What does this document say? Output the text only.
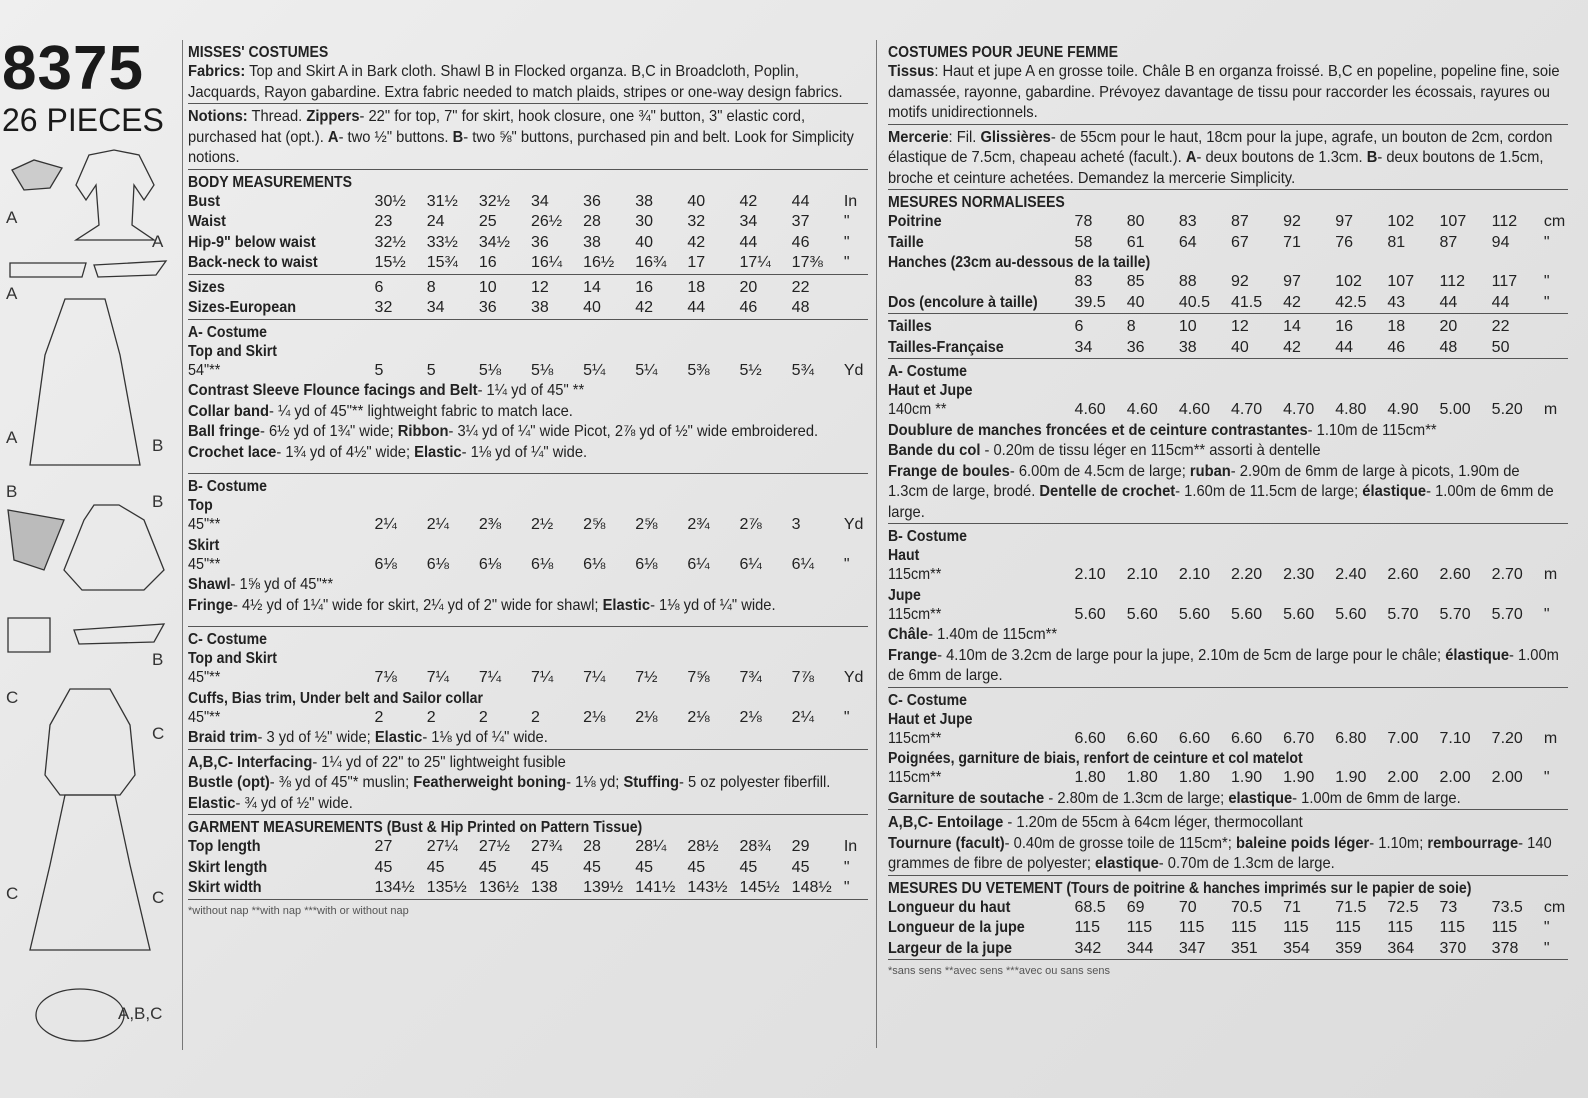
8375
26 PIECES
A
A
A
A	B
B
B
B
C
C
C
C
A,B,C
MISSES' COSTUMES
Fabrics: Top and Skirt A in Bark cloth. Shawl B in Flocked organza. B,C in Broadcloth, Poplin, Jacquards, Rayon gabardine. Extra fabric needed to match plaids, stripes or one-way design fabrics.
Notions: Thread. Zippers- 22" for top, 7" for skirt, hook closure, one ¾" button, 3" elastic cord, purchased hat (opt.). A- two ½" buttons. B- two ⅝" buttons, purchased pin and belt. Look for Simplicity notions.
BODY MEASUREMENTS
Bust	30½	31½	32½	34	36	38	40	42	44	In
Waist	23	24	25	26½	28	30	32	34	37	"
Hip-9" below waist	32½	33½	34½	36	38	40	42	44	46	"
Back-neck to waist	15½	15¾	16	16¼	16½	16¾	17	17¼	17⅜	"
Sizes	6	8	10	12	14	16	18	20	22	
Sizes-European	32	34	36	38	40	42	44	46	48	
A- Costume
Top and Skirt
54"**	5	5	5⅛	5⅛	5¼	5¼	5⅜	5½	5¾	Yd
Contrast Sleeve Flounce facings and Belt- 1¼ yd of 45" **
Collar band- ¼ yd of 45"** lightweight fabric to match lace.
Ball fringe- 6½ yd of 1¾" wide; Ribbon- 3¼ yd of ¼" wide Picot, 2⅞ yd of ½" wide embroidered.
Crochet lace- 1¾ yd of 4½" wide; Elastic- 1⅛ yd of ¼" wide.
B- Costume
Top
45"**	2¼	2¼	2⅜	2½	2⅝	2⅝	2¾	2⅞	3	Yd
Skirt
45"**	6⅛	6⅛	6⅛	6⅛	6⅛	6⅛	6¼	6¼	6¼	"
Shawl- 1⅝ yd of 45"**
Fringe- 4½ yd of 1¼" wide for skirt, 2¼ yd of 2" wide for shawl; Elastic- 1⅛ yd of ¼" wide.
C- Costume
Top and Skirt
45"**	7⅛	7¼	7¼	7¼	7¼	7½	7⅝	7¾	7⅞	Yd
Cuffs, Bias trim, Under belt and Sailor collar
45"**	2	2	2	2	2⅛	2⅛	2⅛	2⅛	2¼	"
Braid trim- 3 yd of ½" wide; Elastic- 1⅛ yd of ¼" wide.
A,B,C- Interfacing- 1¼ yd of 22" to 25" lightweight fusible
Bustle (opt)- ⅜ yd of 45"* muslin; Featherweight boning- 1⅛ yd; Stuffing- 5 oz polyester fiberfill. Elastic- ¾ yd of ½" wide.
GARMENT MEASUREMENTS (Bust & Hip Printed on Pattern Tissue)
Top length	27	27¼	27½	27¾	28	28¼	28½	28¾	29	In
Skirt length	45	45	45	45	45	45	45	45	45	"
Skirt width	134½	135½	136½	138	139½	141½	143½	145½	148½	"
*without nap **with nap ***with or without nap
COSTUMES POUR JEUNE FEMME
Tissus: Haut et jupe A en grosse toile. Châle B en organza froissé. B,C en popeline, popeline fine, soie damassée, rayonne, gabardine. Prévoyez davantage de tissu pour raccorder les écossais, rayures ou motifs unidirectionnels.
Mercerie: Fil. Glissières- de 55cm pour le haut, 18cm pour la jupe, agrafe, un bouton de 2cm, cordon élastique de 7.5cm, chapeau acheté (facult.). A- deux boutons de 1.3cm. B- deux boutons de 1.5cm, broche et ceinture achetées. Demandez la mercerie Simplicity.
MESURES NORMALISEES
Poitrine	78	80	83	87	92	97	102	107	112	cm
Taille	58	61	64	67	71	76	81	87	94	"
Hanches (23cm au-dessous de la taille)
	83	85	88	92	97	102	107	112	117	"
Dos (encolure à taille)	39.5	40	40.5	41.5	42	42.5	43	44	44	"
Tailles	6	8	10	12	14	16	18	20	22	
Tailles-Française	34	36	38	40	42	44	46	48	50	
A- Costume
Haut et Jupe
140cm **	4.60	4.60	4.60	4.70	4.70	4.80	4.90	5.00	5.20	m
Doublure de manches froncées et de ceinture contrastantes- 1.10m de 115cm**
Bande du col - 0.20m de tissu léger en 115cm** assorti à dentelle
Frange de boules- 6.00m de 4.5cm de large; ruban- 2.90m de 6mm de large à picots, 1.90m de 1.3cm de large, brodé. Dentelle de crochet- 1.60m de 11.5cm de large; élastique- 1.00m de 6mm de large.
B- Costume
Haut
115cm**	2.10	2.10	2.10	2.20	2.30	2.40	2.60	2.60	2.70	m
Jupe
115cm**	5.60	5.60	5.60	5.60	5.60	5.60	5.70	5.70	5.70	"
Châle- 1.40m de 115cm**
Frange- 4.10m de 3.2cm de large pour la jupe, 2.10m de 5cm de large pour le châle; élastique- 1.00m de 6mm de large.
C- Costume
Haut et Jupe
115cm**	6.60	6.60	6.60	6.60	6.70	6.80	7.00	7.10	7.20	m
Poignées, garniture de biais, renfort de ceinture et col matelot
115cm**	1.80	1.80	1.80	1.90	1.90	1.90	2.00	2.00	2.00	"
Garniture de soutache - 2.80m de 1.3cm de large; elastique- 1.00m de 6mm de large.
A,B,C- Entoilage - 1.20m de 55cm à 64cm léger, thermocollant
Tournure (facult)- 0.40m de grosse toile de 115cm*; baleine poids léger- 1.10m; rembourrage- 140 grammes de fibre de polyester; elastique- 0.70m de 1.3cm de large.
MESURES DU VETEMENT (Tours de poitrine & hanches imprimés sur le papier de soie)
Longueur du haut	68.5	69	70	70.5	71	71.5	72.5	73	73.5	cm
Longueur de la jupe	115	115	115	115	115	115	115	115	115	"
Largeur de la jupe	342	344	347	351	354	359	364	370	378	"
*sans sens **avec sens ***avec ou sans sens
